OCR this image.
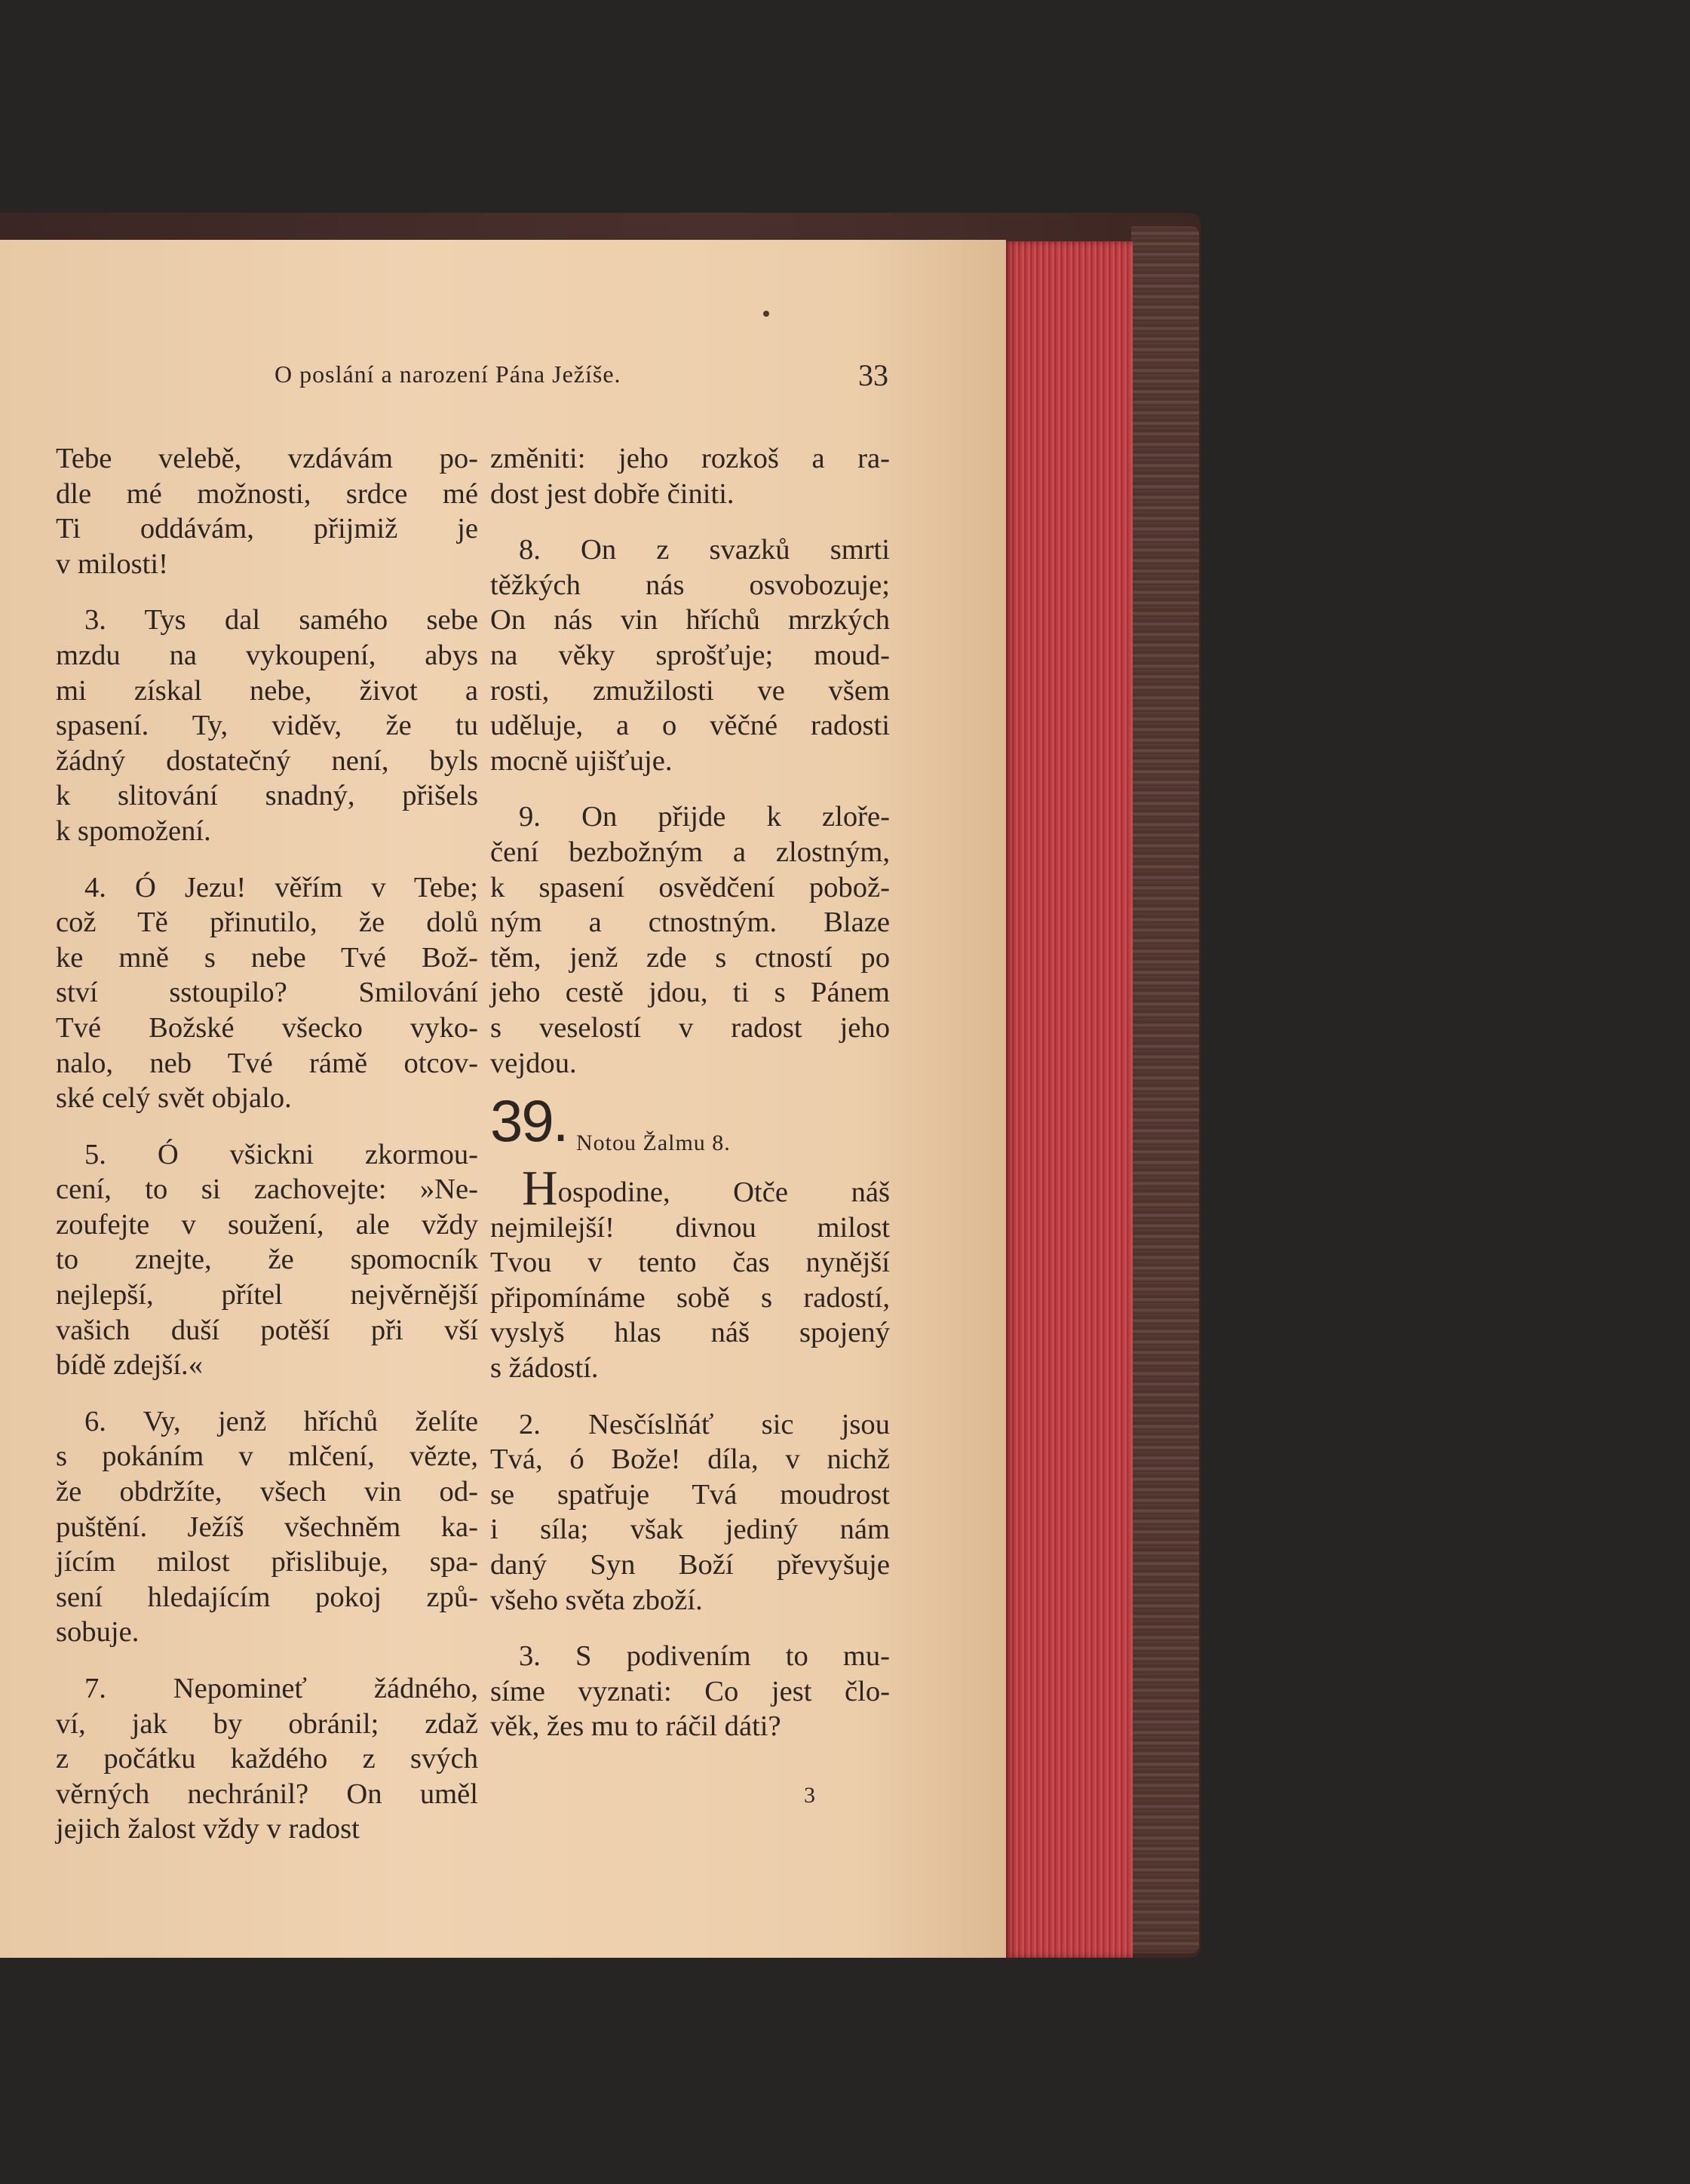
O poslání a narození Pána Ježíše.	33
Tebe velebě, vzdávám po-
dle mé možnosti, srdce mé
Ti oddávám, přijmiž je
v milosti!
3. Tys dal samého sebe
mzdu na vykoupení, abys
mi získal nebe, život a
spasení. Ty, viděv, že tu
žádný dostatečný není, byls
k slitování snadný, přišels
k spomožení.
4. Ó Jezu! věřím v Tebe;
což Tě přinutilo, že dolů
ke mně s nebe Tvé Bož-
ství sstoupilo? Smilování
Tvé Božské všecko vyko-
nalo, neb Tvé rámě otcov-
ské celý svět objalo.
5. Ó všickni zkormou-
cení, to si zachovejte: »Ne-
zoufejte v soužení, ale vždy
to znejte, že spomocník
nejlepší, přítel nejvěrnější
vašich duší potěší při vší
bídě zdejší.«
6. Vy, jenž hříchů želíte
s pokáním v mlčení, vězte,
že obdržíte, všech vin od-
puštění. Ježíš všechněm ka-
jícím milost přislibuje, spa-
sení hledajícím pokoj způ-
sobuje.
7. Nepomineť žádného,
ví, jak by obránil; zdaž
z počátku každého z svých
věrných nechránil? On uměl
jejich žalost vždy v radost
změniti: jeho rozkoš a ra-
dost jest dobře činiti.
8. On z svazků smrti
těžkých nás osvobozuje;
On nás vin hříchů mrzkých
na věky sprošťuje; moud-
rosti, zmužilosti ve všem
uděluje, a o věčné radosti
mocně ujišťuje.
9. On přijde k zloře-
čení bezbožným a zlostným,
k spasení osvědčení pobož-
ným a ctnostným. Blaze
těm, jenž zde s ctností po
jeho cestě jdou, ti s Pánem
s veselostí v radost jeho
vejdou.
39. Notou Žalmu 8.
Hospodine, Otče náš
nejmilejší! divnou milost
Tvou v tento čas nynější
připomínáme sobě s radostí,
vyslyš hlas náš spojený
s žádostí.
2. Nesčíslňáť sic jsou
Tvá, ó Bože! díla, v nichž
se spatřuje Tvá moudrost
i síla; však jediný nám
daný Syn Boží převyšuje
všeho světa zboží.
3. S podivením to mu-
síme vyznati: Co jest člo-
věk, žes mu to ráčil dáti?
3
